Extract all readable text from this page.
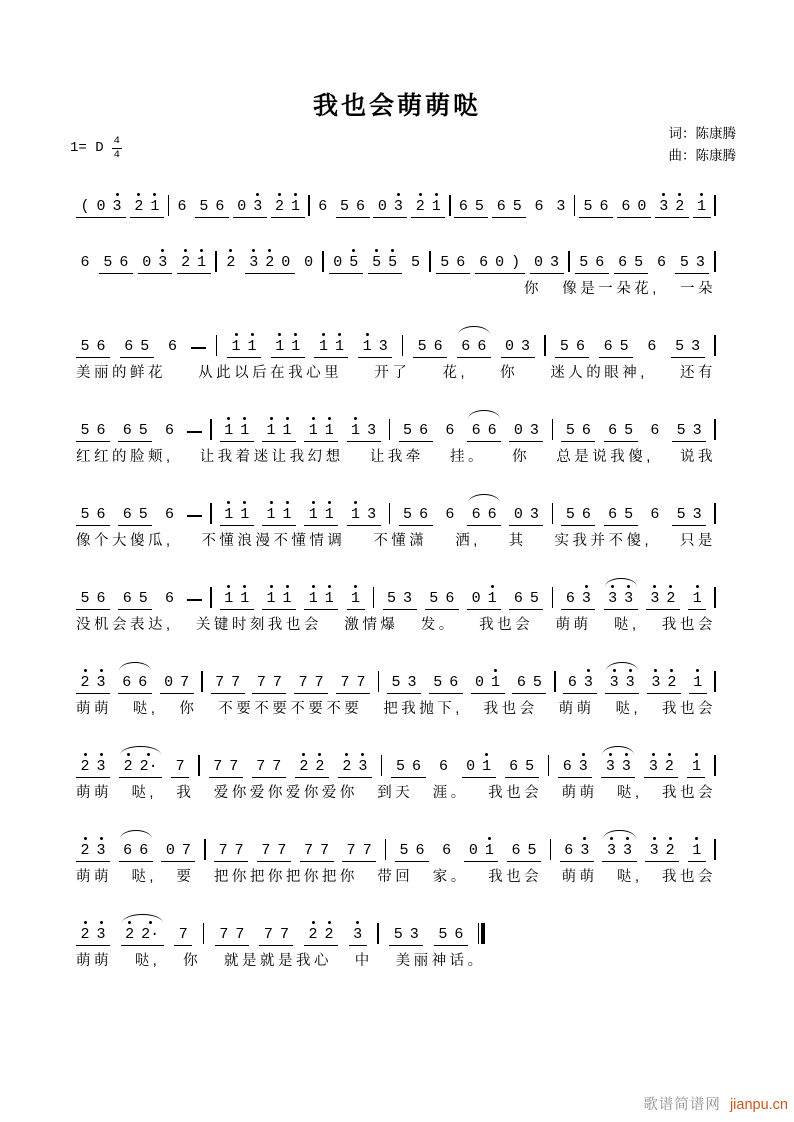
我也会萌萌哒
词：陈康腾
曲：陈康腾
1= D $\frac{4}{4}$
( 0 3 2 1 6 5 6 0 3 2 1 6 5 6 0 3 2 1 6 5 6 5 6 3 5 6 6 0 3 2 1
6 5 6 0 3 2 1 2 3 2 0 0 0 5 5 5 5 5 6 6 0 ) 0 3 5 6 6 5 6 5 3
你 像是一朵花, 一朵
5 6 6 5 6	1 1 1 1 1 1 1 3 5 6 6 6 0 3 5 6 6 5 6 5 3
美丽的鲜花 从此以后在我心里 开了 花, 你 迷人的眼神, 还有
5 6 6 5 6	1 1 1 1 1 1 1 3 5 6 6 6 6 0 3 5 6 6 5 6 5 3
红红的脸颊, 让我着迷让我幻想 让我牵 挂。 你 总是说我傻, 说我
5 6 6 5 6	1 1 1 1 1 1 1 3 5 6 6 6 6 0 3 5 6 6 5 6 5 3
像个大傻瓜, 不懂浪漫不懂情调 不懂潇 洒, 其 实我并不傻, 只是
5 6 6 5 6	1 1 1 1 1 1 1 5 3 5 6 0 1 6 5 6 3 3 3 3 2 1
没机会表达, 关键时刻我也会 激情爆 发。 我也会 萌萌 哒, 我也会
2 3 6 6 0 7 7 7 7 7 7 7 7 7 5 3 5 6 0 1 6 5 6 3 3 3 3 2 1
萌萌 哒, 你 不要不要不要不要 把我抛下, 我也会 萌萌 哒, 我也会
2 3 2 2· 7 7 7 7 7 2 2 2 3 5 6 6 0 1 6 5 6 3 3 3 3 2 1
萌萌 哒, 我 爱你爱你爱你爱你 到天 涯。 我也会 萌萌 哒, 我也会
2 3 6 6 0 7 7 7 7 7 7 7 7 7 5 6 6 0 1 6 5 6 3 3 3 3 2 1
萌萌 哒, 要 把你把你把你把你 带回 家。 我也会 萌萌 哒, 我也会
2 3 2 2· 7 7 7 7 7 2 2 3 5 3 5 6
萌萌 哒, 你 就是就是我心 中 美丽神话。
歌谱简谱网 jianpu.cn
